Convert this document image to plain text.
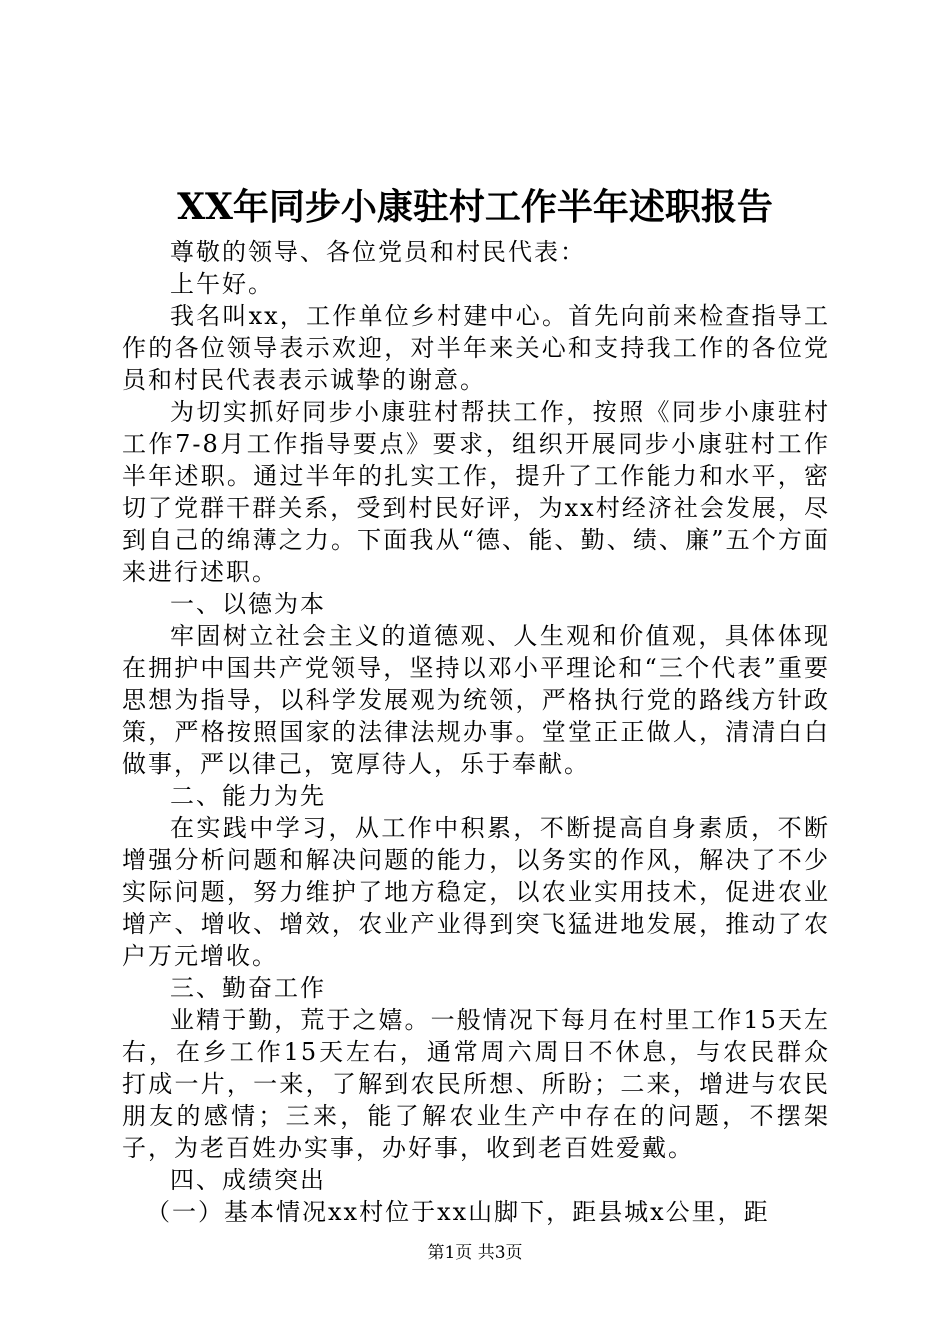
XX年同步小康驻村工作半年述职报告

尊敬的领导、各位党员和村民代表：

上午好。

我名叫xx，工作单位乡村建中心。首先向前来检查指导工作的各位领导表示欢迎，对半年来关心和支持我工作的各位党员和村民代表表示诚挚的谢意。

为切实抓好同步小康驻村帮扶工作，按照《同步小康驻村工作7-8月工作指导要点》要求，组织开展同步小康驻村工作半年述职。通过半年的扎实工作，提升了工作能力和水平，密切了党群干群关系，受到村民好评，为xx村经济社会发展，尽到自己的绵薄之力。下面我从“德、能、勤、绩、廉”五个方面来进行述职。

一、以德为本

牢固树立社会主义的道德观、人生观和价值观，具体体现在拥护中国共产党领导，坚持以邓小平理论和“三个代表”重要思想为指导，以科学发展观为统领，严格执行党的路线方针政策，严格按照国家的法律法规办事。堂堂正正做人，清清白白做事，严以律己，宽厚待人，乐于奉献。

二、能力为先

在实践中学习，从工作中积累，不断提高自身素质，不断增强分析问题和解决问题的能力，以务实的作风，解决了不少实际问题，努力维护了地方稳定，以农业实用技术，促进农业增产、增收、增效，农业产业得到突飞猛进地发展，推动了农户万元增收。

三、勤奋工作

业精于勤，荒于之嬉。一般情况下每月在村里工作15天左右，在乡工作15天左右，通常周六周日不休息，与农民群众打成一片，一来，了解到农民所想、所盼；二来，增进与农民朋友的感情；三来，能了解农业生产中存在的问题，不摆架子，为老百姓办实事，办好事，收到老百姓爱戴。

四、成绩突出

（一）基本情况xx村位于xx山脚下，距县城x公里，距

第1页 共3页
